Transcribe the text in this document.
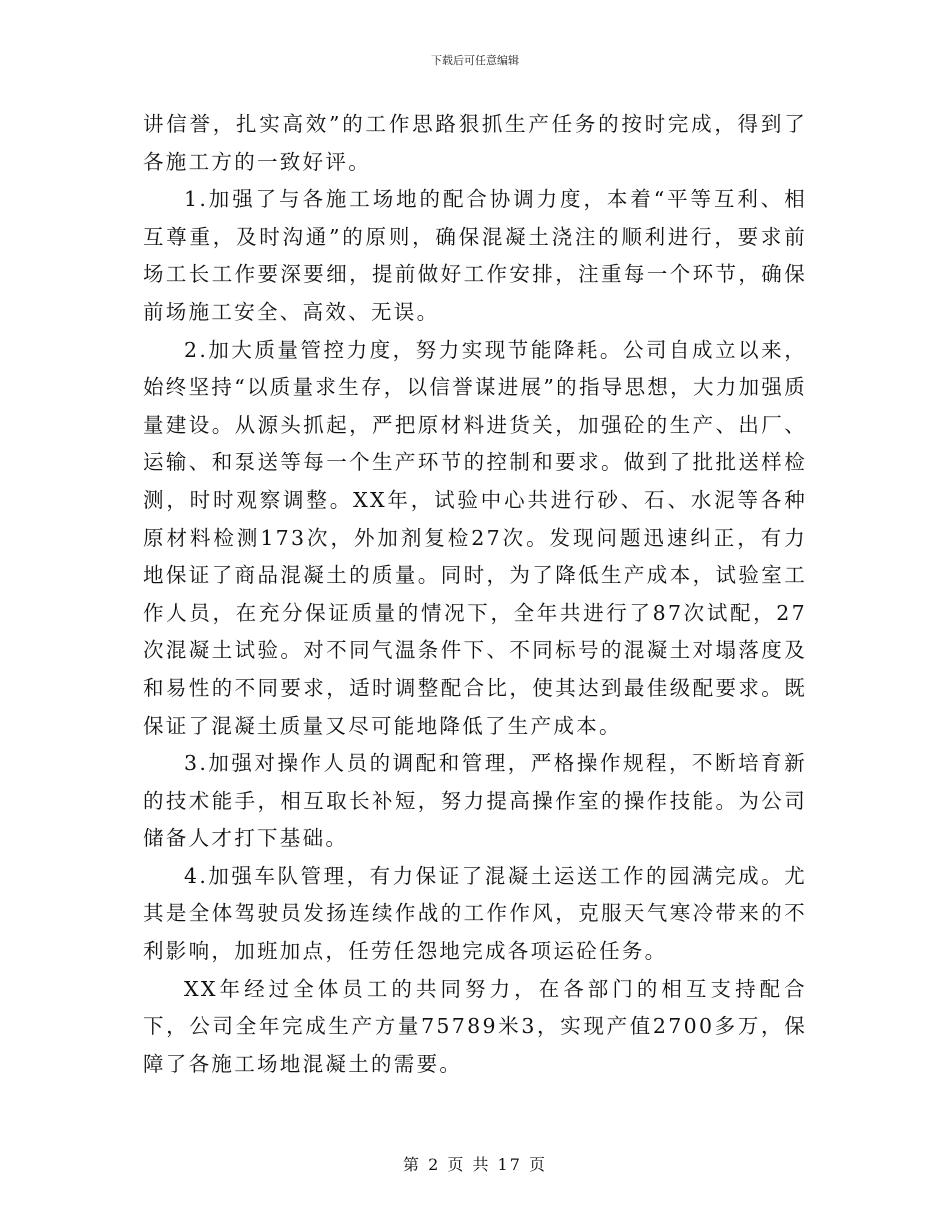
下载后可任意编辑

讲信誉，扎实高效”的工作思路狠抓生产任务的按时完成，得到了各施工方的一致好评。

1.加强了与各施工场地的配合协调力度，本着“平等互利、相互尊重，及时沟通”的原则，确保混凝土浇注的顺利进行，要求前场工长工作要深要细，提前做好工作安排，注重每一个环节，确保前场施工安全、高效、无误。

2.加大质量管控力度，努力实现节能降耗。公司自成立以来，始终坚持“以质量求生存，以信誉谋进展”的指导思想，大力加强质量建设。从源头抓起，严把原材料进货关，加强砼的生产、出厂、运输、和泵送等每一个生产环节的控制和要求。做到了批批送样检测，时时观察调整。XX年，试验中心共进行砂、石、水泥等各种原材料检测173次，外加剂复检27次。发现问题迅速纠正，有力地保证了商品混凝土的质量。同时，为了降低生产成本，试验室工作人员，在充分保证质量的情况下，全年共进行了87次试配，27次混凝土试验。对不同气温条件下、不同标号的混凝土对塌落度及和易性的不同要求，适时调整配合比，使其达到最佳级配要求。既保证了混凝土质量又尽可能地降低了生产成本。

3.加强对操作人员的调配和管理，严格操作规程，不断培育新的技术能手，相互取长补短，努力提高操作室的操作技能。为公司储备人才打下基础。

4.加强车队管理，有力保证了混凝土运送工作的园满完成。尤其是全体驾驶员发扬连续作战的工作作风，克服天气寒冷带来的不利影响，加班加点，任劳任怨地完成各项运砼任务。

XX年经过全体员工的共同努力，在各部门的相互支持配合下，公司全年完成生产方量75789米3，实现产值2700多万，保障了各施工场地混凝土的需要。

第 2 页 共 17 页
